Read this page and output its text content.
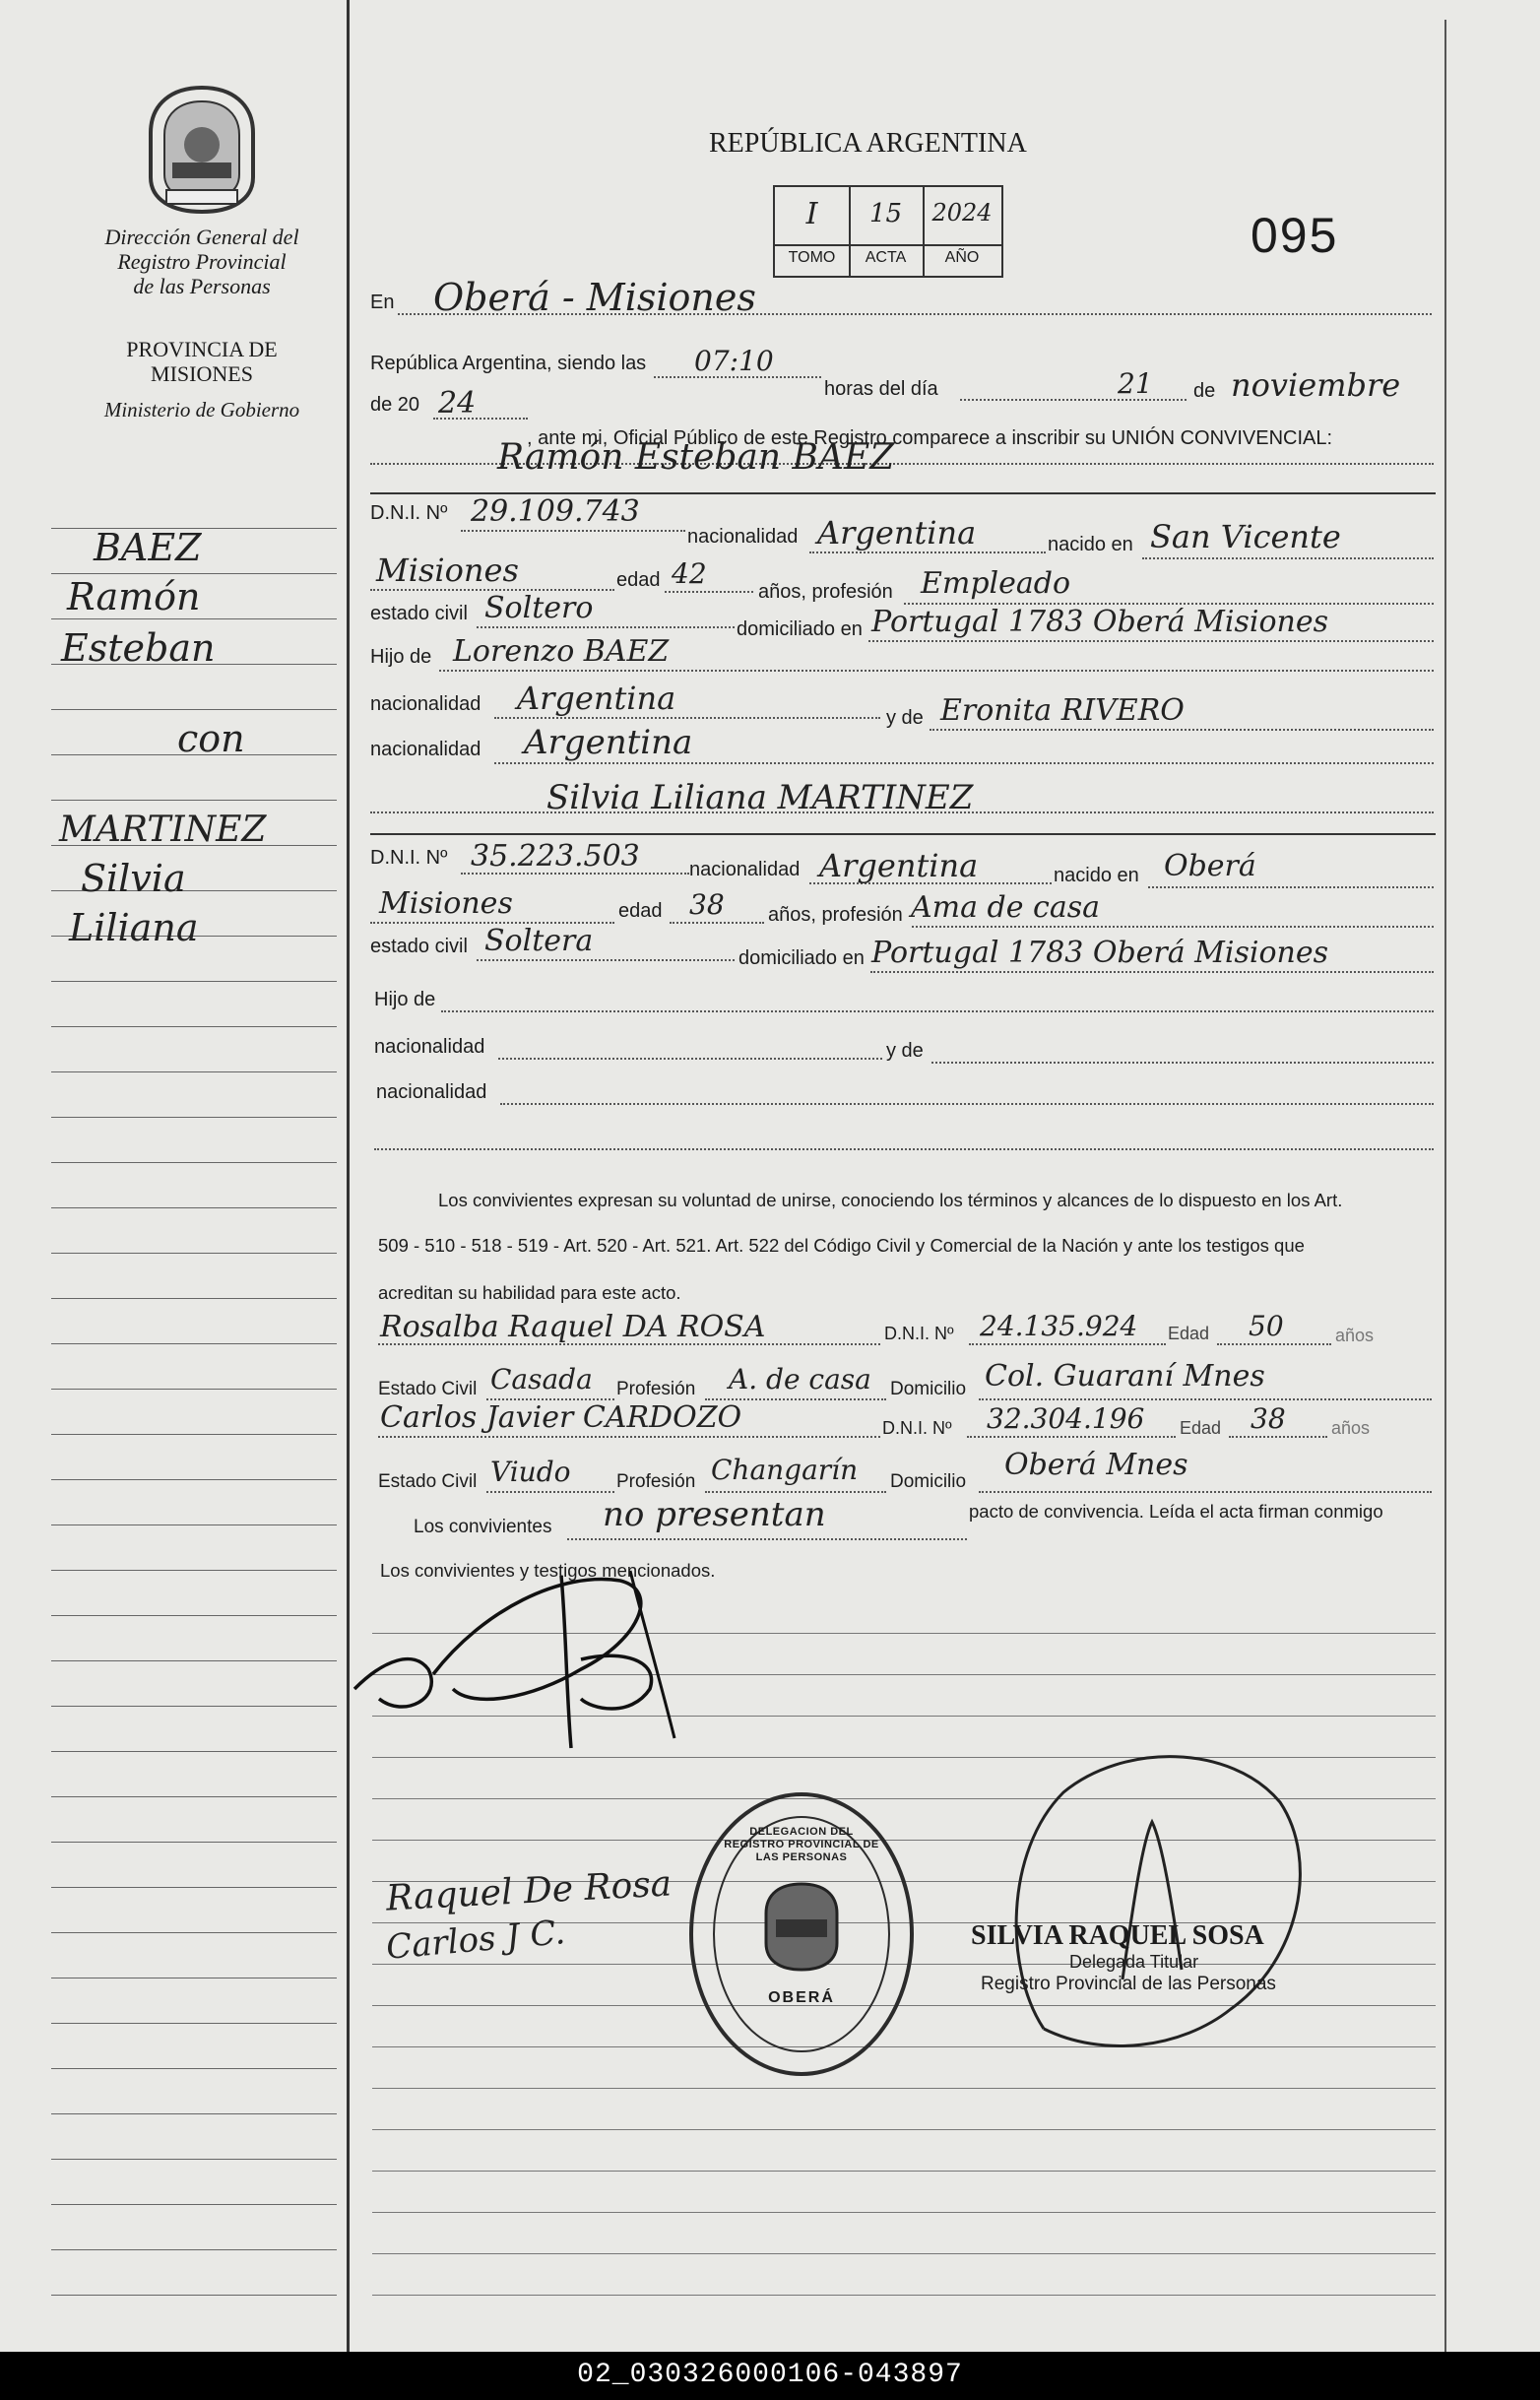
Dirección General del
Registro Provincial
de las Personas
PROVINCIA DE
MISIONES
Ministerio de Gobierno
REPÚBLICA ARGENTINA
I	15	2024
TOMO	ACTA	AÑO	095
BAEZ
Ramón
Esteban
con
MARTINEZ
Silvia
Liliana
En Oberá - Misiones
República Argentina, siendo las 07:10
horas del día	21 de noviembre
de 20 24
, ante mi, Oficial Público de este Registro comparece a inscribir su UNIÓN CONVIVENCIAL:
Ramón Esteban BAEZ
D.N.I. Nº 29.109.743
nacionalidad Argentina	nacido en San Vicente
Misiones	edad 42
años, profesión Empleado
estado civil Soltero
domiciliado en Portugal 1783 Oberá Misiones
Hijo de Lorenzo BAEZ
nacionalidad Argentina
y de Eronita RIVERO
nacionalidad Argentina
Silvia Liliana MARTINEZ
D.N.I. Nº 35.223.503	nacionalidad Argentina	nacido en Oberá
Misiones	edad 38 años, profesión Ama de casa
estado civil Soltera	domiciliado en Portugal 1783 Oberá Misiones
Hijo de
nacionalidad	y de
nacionalidad
Los convivientes expresan su voluntad de unirse, conociendo los términos y alcances de lo dispuesto en los Art.
509 - 510 - 518 - 519 - Art. 520 - Art. 521. Art. 522 del Código Civil y Comercial de la Nación y ante los testigos que
acreditan su habilidad para este acto.
Rosalba Raquel DA ROSA	D.N.I. Nº 24.135.924 Edad 50	años
Estado Civil Casada Profesión A. de casa Domicilio Col. Guaraní Mnes
Carlos Javier CARDOZO	D.N.I. Nº 32.304.196 Edad 38	años
Estado Civil Viudo Profesión Changarín Domicilio Oberá Mnes
Los convivientes no presentan	pacto de convivencia. Leída el acta firman conmigo
Los convivientes y testigos mencionados.
Raquel De Rosa
Carlos J C.
DELEGACION DEL REGISTRO PROVINCIAL DE LAS PERSONAS
OBERÁ
SILVIA RAQUEL SOSA
Delegada Titular
Registro Provincial de las Personas
02_030326000106-043897
